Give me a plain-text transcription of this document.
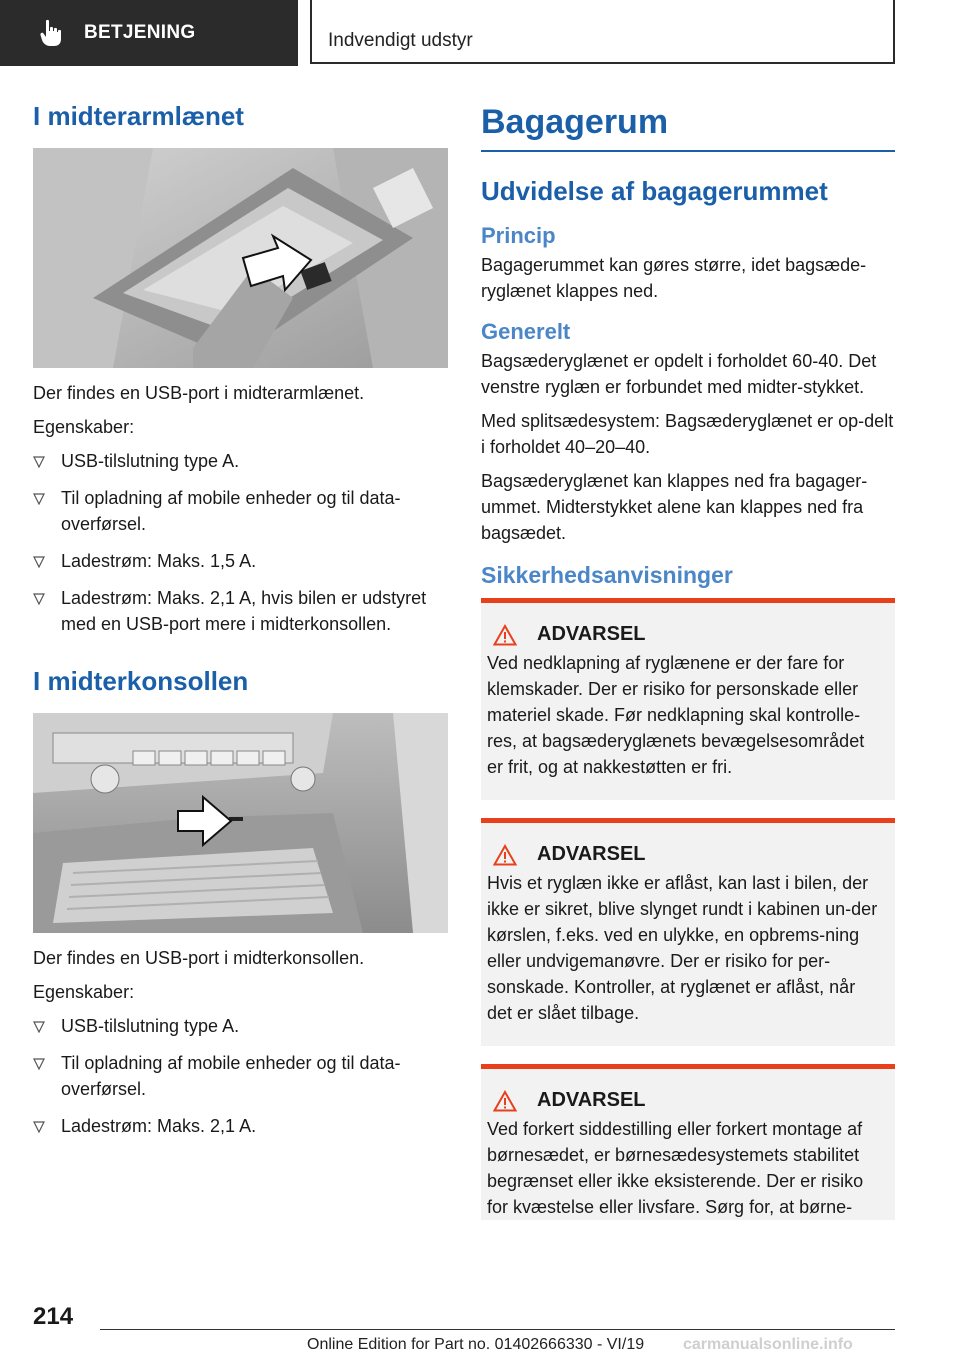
BETJENING	Indvendigt udstyr
I midterarmlænet

Der findes en USB-port i midterarmlænet.

Egenskaber:

USB-tilslutning type A.
Til opladning af mobile enheder og til data-overførsel.
Ladestrøm: Maks. 1,5 A.
Ladestrøm: Maks. 2,1 A, hvis bilen er udstyret med en USB-port mere i midterkonsollen.
I midterkonsollen

Der findes en USB-port i midterkonsollen.

Egenskaber:

USB-tilslutning type A.
Til opladning af mobile enheder og til data-overførsel.
Ladestrøm: Maks. 2,1 A.
Bagagerum
Udvidelse af bagagerummet
Princip

Bagagerummet kan gøres større, idet bagsæde-ryglænet klappes ned.

Generelt

Bagsæderyglænet er opdelt i forholdet 60-40. Det venstre ryglæn er forbundet med midter-stykket.

Med splitsædesystem: Bagsæderyglænet er op-delt i forholdet 40–20–40.

Bagsæderyglænet kan klappes ned fra bagager-ummet. Midterstykket alene kan klappes ned fra bagsædet.

Sikkerhedsanvisninger
ADVARSEL

Ved nedklapning af ryglænene er der fare for klemskader. Der er risiko for personskade eller materiel skade. Før nedklapning skal kontrolle-res, at bagsæderyglænets bevægelsesområdet er frit, og at nakkestøtten er fri.

ADVARSEL

Hvis et ryglæn ikke er aflåst, kan last i bilen, der ikke er sikret, blive slynget rundt i kabinen un-der kørslen, f.eks. ved en ulykke, en opbrems-ning eller undvigemanøvre. Der er risiko for per-sonskade. Kontroller, at ryglænet er aflåst, når det er slået tilbage.

ADVARSEL

Ved forkert siddestilling eller forkert montage af børnesædet, er børnesædesystemets stabilitet begrænset eller ikke eksisterende. Der er risiko for kvæstelse eller livsfare. Sørg for, at børne-

214
Online Edition for Part no. 01402666330 - VI/19 carmanualsonline.info
